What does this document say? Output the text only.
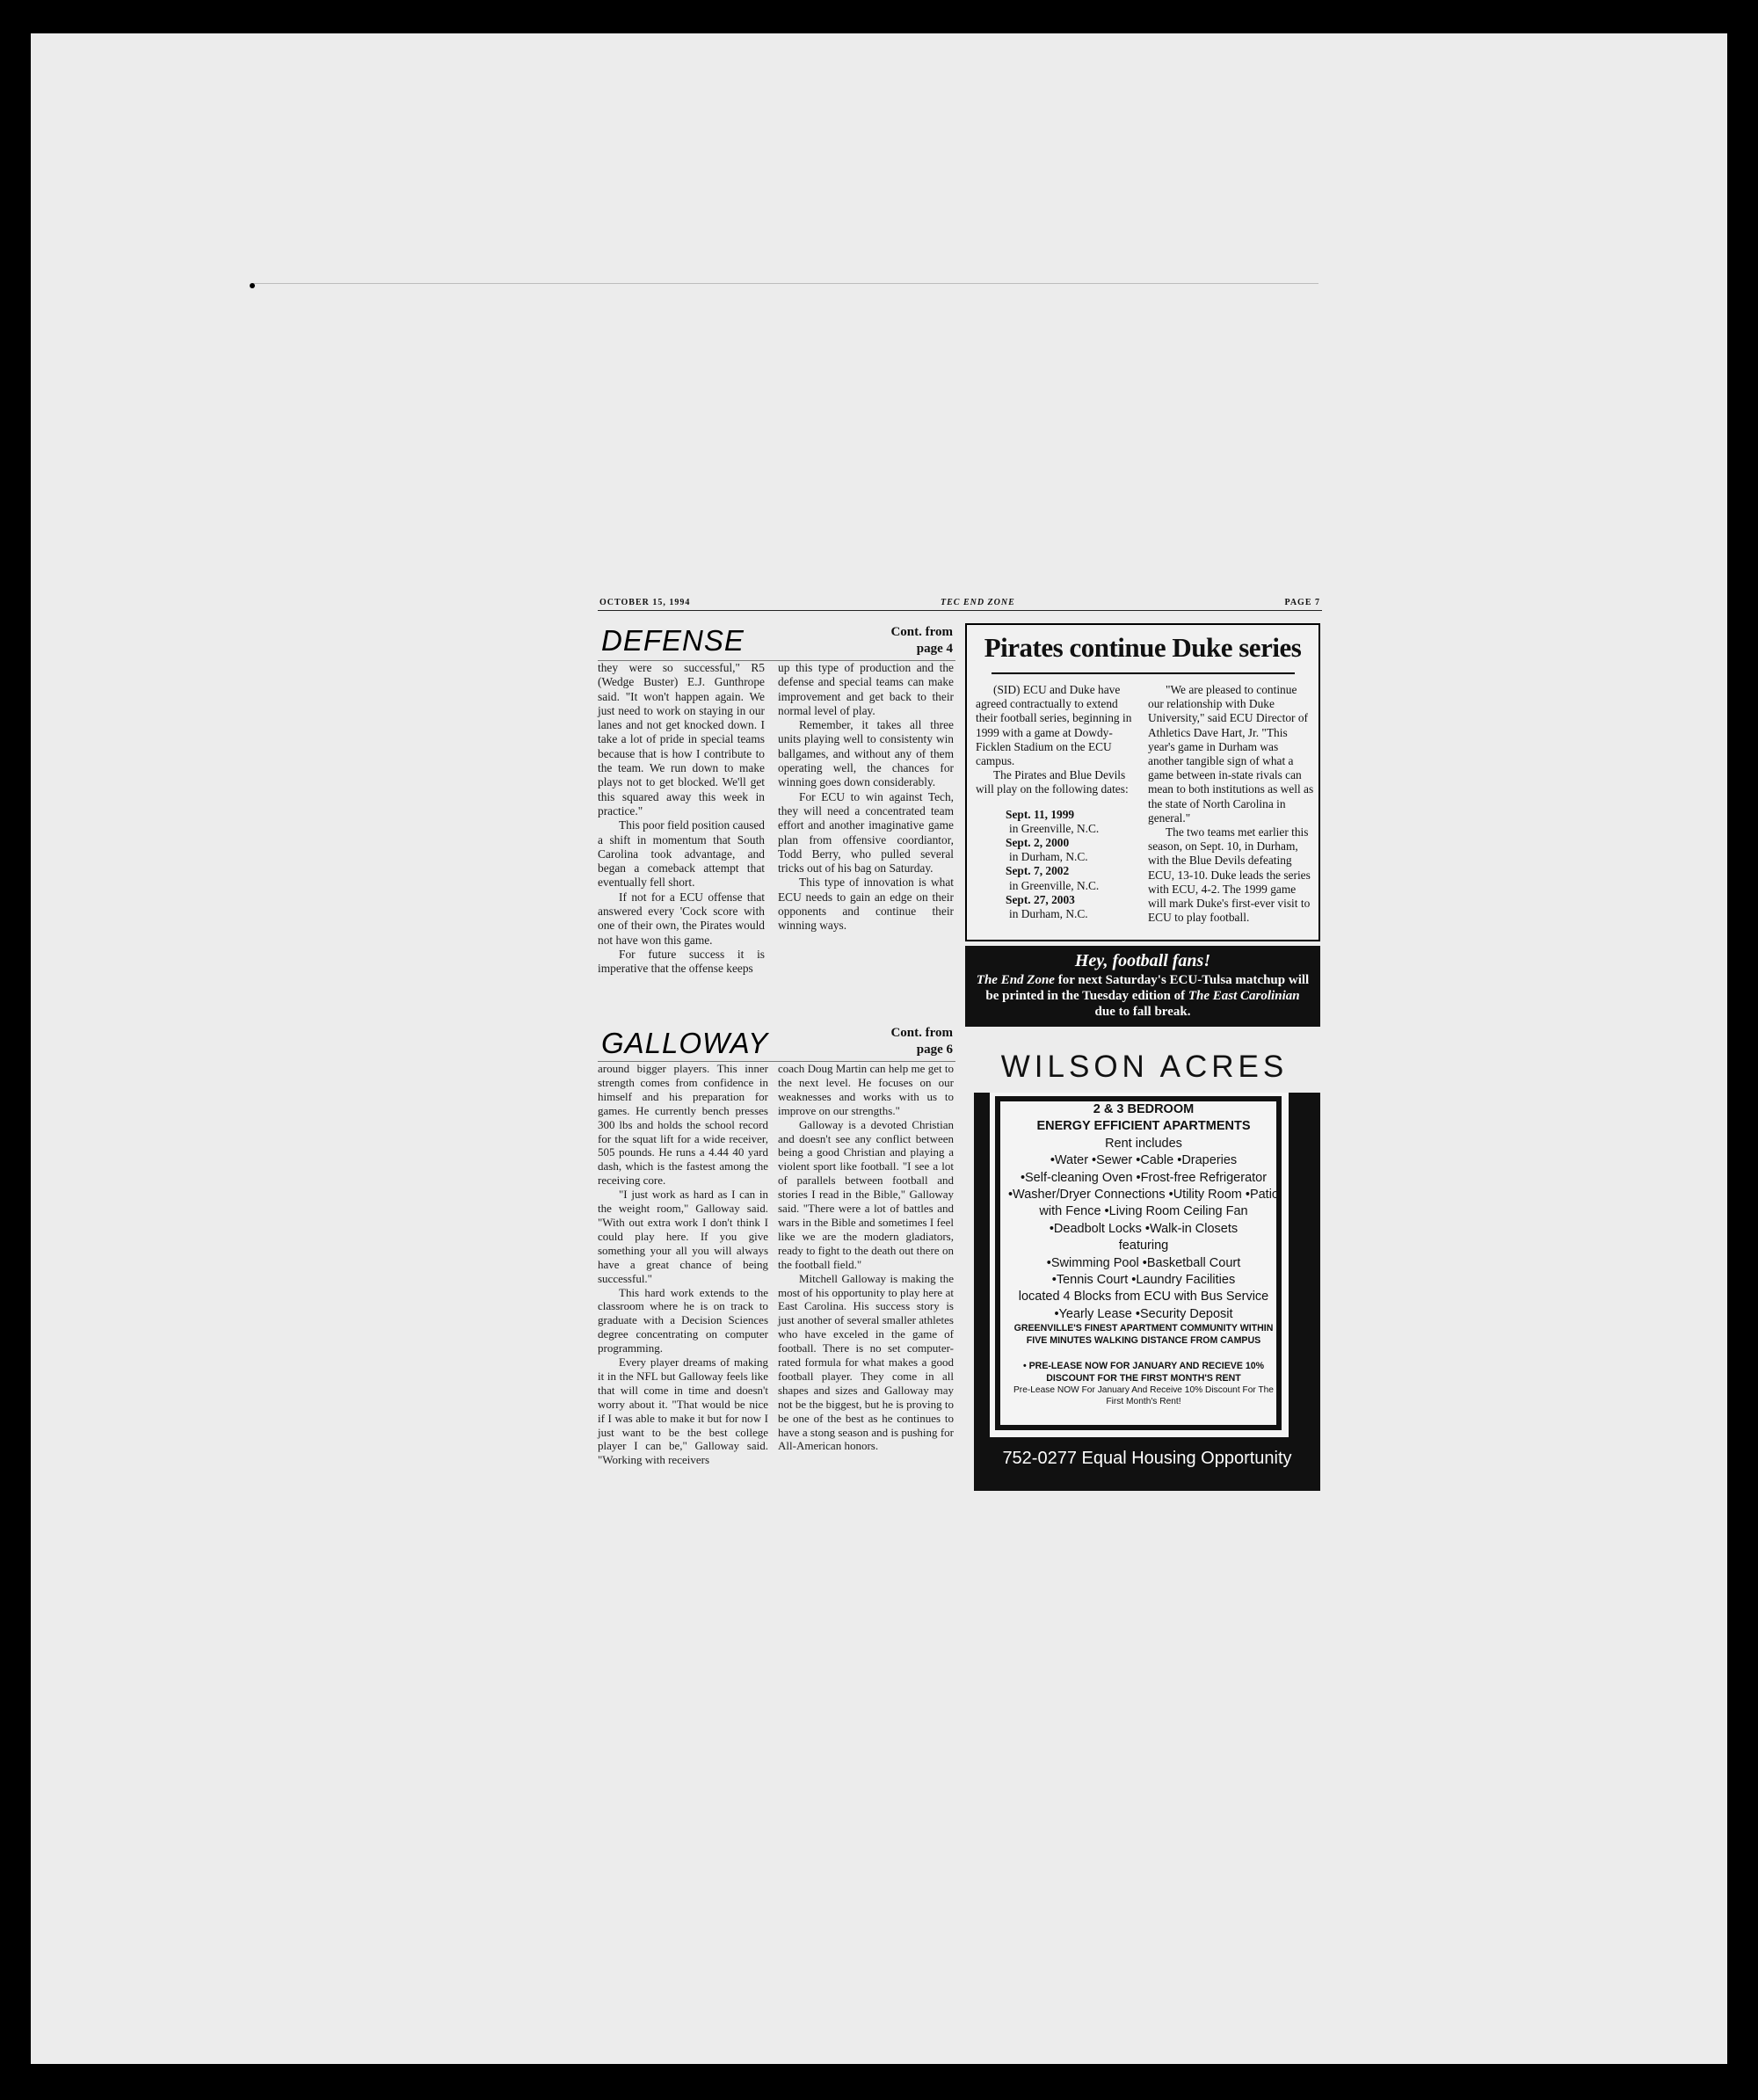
OCTOBER 15, 1994	TEC END ZONE	PAGE 7
DEFENSE	Cont. from
page 4

they were so successful," R5 (Wedge Buster) E.J. Gunthrope said. "It won't happen again. We just need to work on staying in our lanes and not get knocked down. I take a lot of pride in special teams because that is how I contribute to the team. We run down to make plays not to get blocked. We'll get this squared away this week in practice."

This poor field position caused a shift in momentum that South Carolina took advantage, and began a comeback attempt that eventually fell short.

If not for a ECU offense that answered every 'Cock score with one of their own, the Pirates would not have won this game.

For future success it is imperative that the offense keeps

up this type of production and the defense and special teams can make improvement and get back to their normal level of play.

Remember, it takes all three units playing well to consistenty win ballgames, and without any of them operating well, the chances for winning goes down considerably.

For ECU to win against Tech, they will need a concentrated team effort and another imaginative game plan from offensive coordiantor, Todd Berry, who pulled several tricks out of his bag on Saturday.

This type of innovation is what ECU needs to gain an edge on their opponents and continue their winning ways.

GALLOWAY	Cont. from
page 6

around bigger players. This inner strength comes from confidence in himself and his preparation for games. He currently bench presses 300 lbs and holds the school record for the squat lift for a wide receiver, 505 pounds. He runs a 4.44 40 yard dash, which is the fastest among the receiving core.

"I just work as hard as I can in the weight room," Galloway said. "With out extra work I don't think I could play here. If you give something your all you will always have a great chance of being successful."

This hard work extends to the classroom where he is on track to graduate with a Decision Sciences degree concentrating on computer programming.

Every player dreams of making it in the NFL but Galloway feels like that will come in time and doesn't worry about it. "That would be nice if I was able to make it but for now I just want to be the best college player I can be," Galloway said. "Working with receivers

coach Doug Martin can help me get to the next level. He focuses on our weaknesses and works with us to improve on our strengths."

Galloway is a devoted Christian and doesn't see any conflict between being a good Christian and playing a violent sport like football. "I see a lot of parallels between football and stories I read in the Bible," Galloway said. "There were a lot of battles and wars in the Bible and sometimes I feel like we are the modern gladiators, ready to fight to the death out there on the football field."

Mitchell Galloway is making the most of his opportunity to play here at East Carolina. His success story is just another of several smaller athletes who have exceled in the game of football. There is no set computer-rated formula for what makes a good football player. They come in all shapes and sizes and Galloway may not be the biggest, but he is proving to be one of the best as he continues to have a stong season and is pushing for All-American honors.

Pirates continue Duke series

(SID) ECU and Duke have agreed contractually to extend their football series, beginning in 1999 with a game at Dowdy-Ficklen Stadium on the ECU campus.

The Pirates and Blue Devils will play on the following dates:

Sept. 11, 1999
in Greenville, N.C.
Sept. 2, 2000
in Durham, N.C.
Sept. 7, 2002
in Greenville, N.C.
Sept. 27, 2003
in Durham, N.C.

"We are pleased to continue our relationship with Duke University," said ECU Director of Athletics Dave Hart, Jr. "This year's game in Durham was another tangible sign of what a game between in-state rivals can mean to both institutions as well as the state of North Carolina in general."

The two teams met earlier this season, on Sept. 10, in Durham, with the Blue Devils defeating ECU, 13-10. Duke leads the series with ECU, 4-2. The 1999 game will mark Duke's first-ever visit to ECU to play football.

Hey, football fans!
The End Zone for next Saturday's ECU-Tulsa matchup will be printed in the Tuesday edition of The East Carolinian due to fall break.
WILSON ACRES
2 & 3 BEDROOM
ENERGY EFFICIENT APARTMENTS
Rent includes
•Water •Sewer •Cable •Draperies
•Self-cleaning Oven •Frost-free Refrigerator
•Washer/Dryer Connections •Utility Room •Patio
with Fence •Living Room Ceiling Fan
•Deadbolt Locks •Walk-in Closets
featuring
•Swimming Pool •Basketball Court
•Tennis Court •Laundry Facilities
located 4 Blocks from ECU with Bus Service
•Yearly Lease •Security Deposit
GREENVILLE'S FINEST APARTMENT COMMUNITY WITHIN FIVE MINUTES WALKING DISTANCE FROM CAMPUS
• PRE-LEASE NOW FOR JANUARY AND RECIEVE 10% DISCOUNT FOR THE FIRST MONTH'S RENT
Pre-Lease NOW For January And Receive 10% Discount For The First Month's Rent!
752-0277 Equal Housing Opportunity
